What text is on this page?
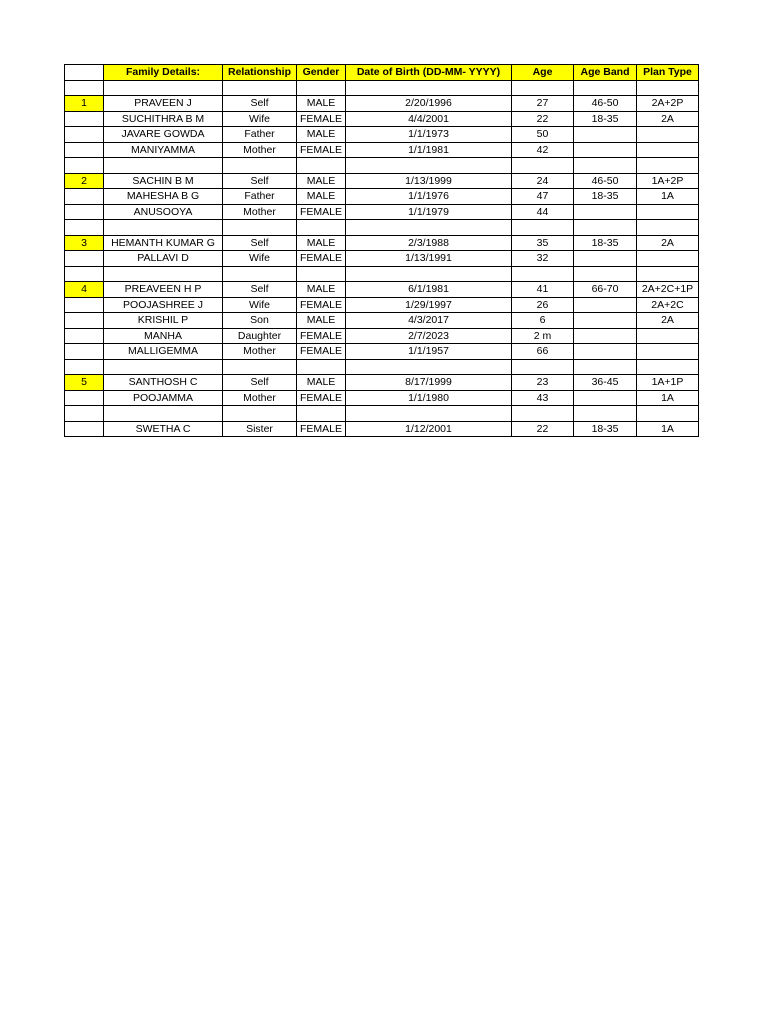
	Family Details:	Relationship	Gender	Date of Birth (DD-MM- YYYY)	Age	Age Band	Plan Type

1	PRAVEEN J	Self	MALE	2/20/1996	27	46-50	2A+2P
	SUCHITHRA B M	Wife	FEMALE	4/4/2001	22	18-35	2A
	JAVARE GOWDA	Father	MALE	1/1/1973	50		
	MANIYAMMA	Mother	FEMALE	1/1/1981	42		

2	SACHIN B M	Self	MALE	1/13/1999	24	46-50	1A+2P
	MAHESHA B G	Father	MALE	1/1/1976	47	18-35	1A
	ANUSOOYA	Mother	FEMALE	1/1/1979	44		

3	HEMANTH KUMAR G	Self	MALE	2/3/1988	35	18-35	2A
	PALLAVI D	Wife	FEMALE	1/13/1991	32		

4	PREAVEEN H P	Self	MALE	6/1/1981	41	66-70	2A+2C+1P
	POOJASHREE J	Wife	FEMALE	1/29/1997	26		2A+2C
	KRISHIL P	Son	MALE	4/3/2017	6		2A
	MANHA	Daughter	FEMALE	2/7/2023	2 m		
	MALLIGEMMA	Mother	FEMALE	1/1/1957	66		

5	SANTHOSH C	Self	MALE	8/17/1999	23	36-45	1A+1P
	POOJAMMA	Mother	FEMALE	1/1/1980	43		1A

	SWETHA C	Sister	FEMALE	1/12/2001	22	18-35	1A
